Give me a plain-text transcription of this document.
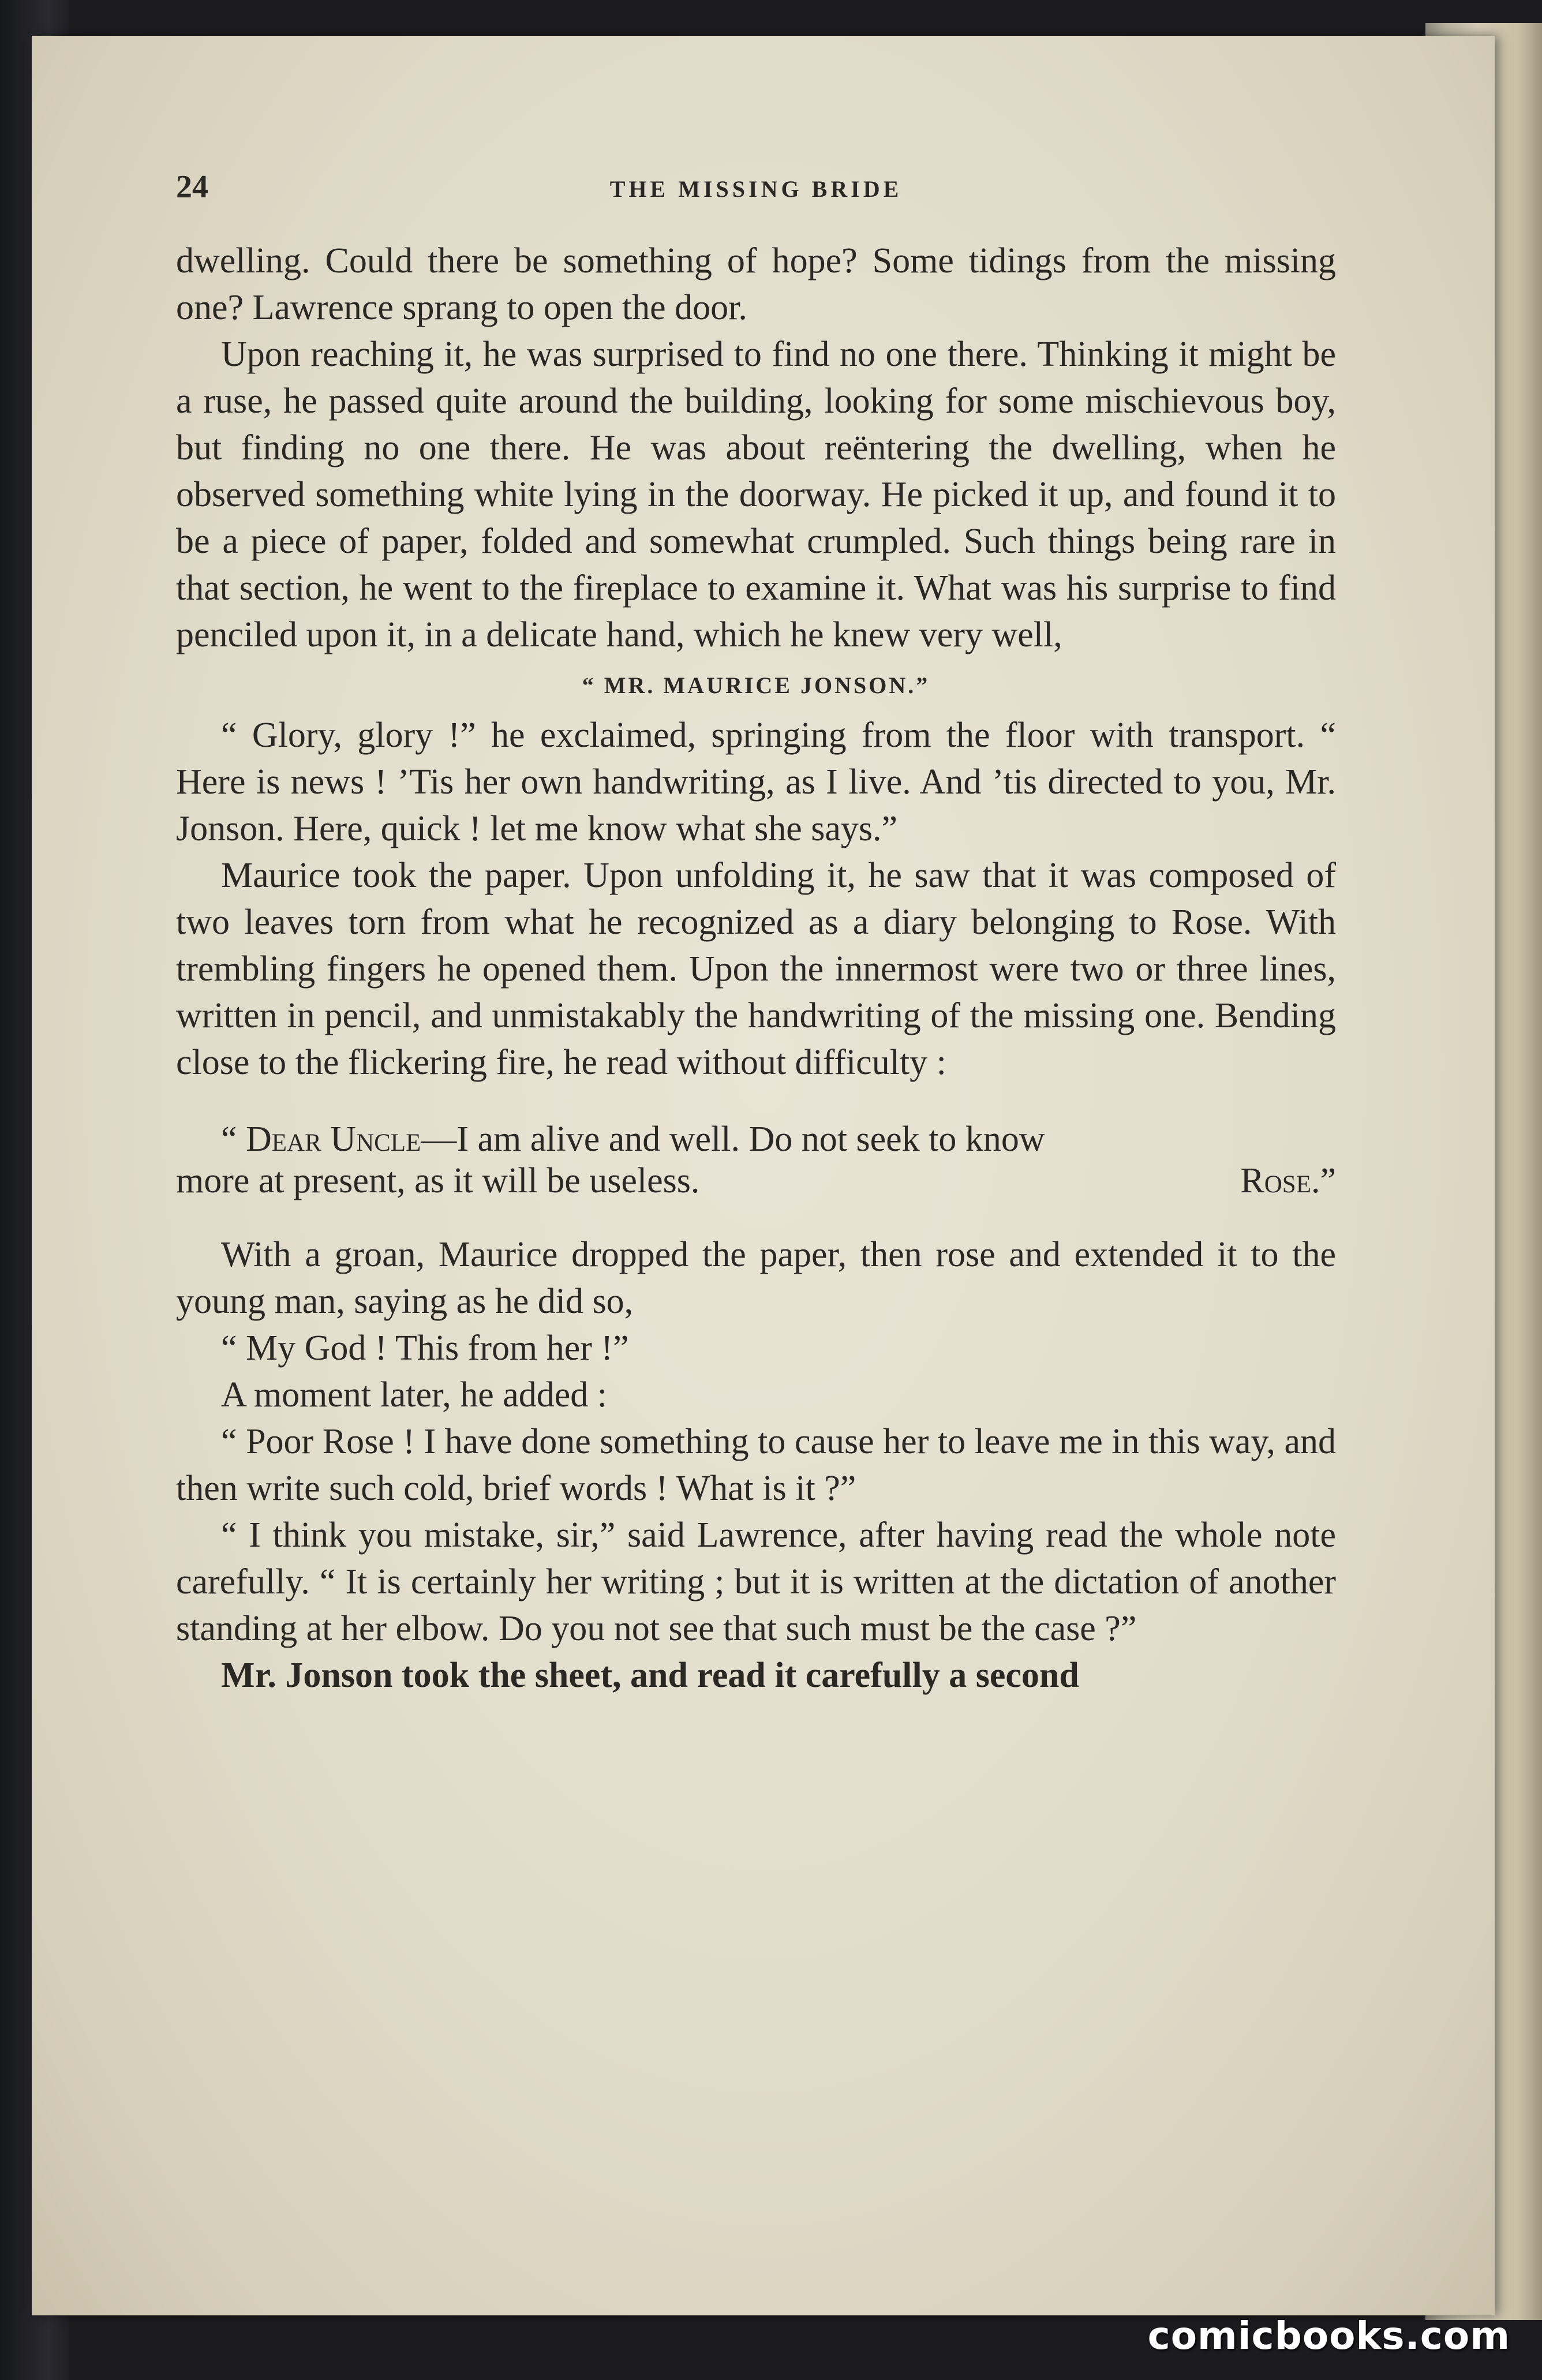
24	THE MISSING BRIDE

dwelling. Could there be something of hope? Some tidings from the missing one? Lawrence sprang to open the door.

Upon reaching it, he was surprised to find no one there. Thinking it might be a ruse, he passed quite around the building, looking for some mischievous boy, but finding no one there. He was about reëntering the dwelling, when he observed something white lying in the doorway. He picked it up, and found it to be a piece of paper, folded and somewhat crumpled. Such things being rare in that section, he went to the fireplace to examine it. What was his surprise to find penciled upon it, in a delicate hand, which he knew very well,

“ MR. MAURICE JONSON.”

“ Glory, glory !” he exclaimed, springing from the floor with transport. “ Here is news ! ’Tis her own handwriting, as I live. And ’tis directed to you, Mr. Jonson. Here, quick ! let me know what she says.”

Maurice took the paper. Upon unfolding it, he saw that it was composed of two leaves torn from what he recognized as a diary belonging to Rose. With trembling fingers he opened them. Upon the innermost were two or three lines, written in pencil, and unmistakably the handwriting of the missing one. Bending close to the flickering fire, he read without difficulty :

“ Dear Uncle—I am alive and well. Do not seek to know

more at present, as it will be useless.	Rose.”

With a groan, Maurice dropped the paper, then rose and extended it to the young man, saying as he did so,

“ My God ! This from her !”

A moment later, he added :

“ Poor Rose ! I have done something to cause her to leave me in this way, and then write such cold, brief words ! What is it ?”

“ I think you mistake, sir,” said Lawrence, after having read the whole note carefully. “ It is certainly her writing ; but it is written at the dictation of another standing at her elbow. Do you not see that such must be the case ?”

Mr. Jonson took the sheet, and read it carefully a second

comicbooks.com
